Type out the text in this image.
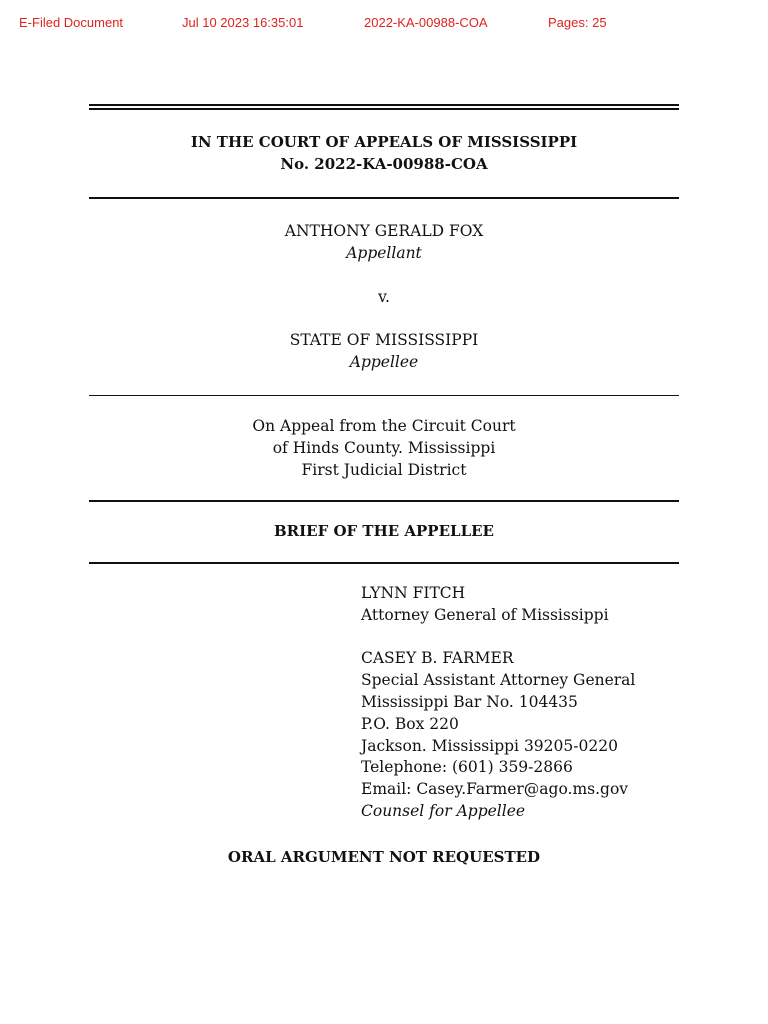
E-Filed Document	Jul 10 2023 16:35:01	2022-KA-00988-COA	Pages: 25
IN THE COURT OF APPEALS OF MISSISSIPPI
No. 2022-KA-00988-COA
ANTHONY GERALD FOX
Appellant
v.
STATE OF MISSISSIPPI
Appellee
On Appeal from the Circuit Court
of Hinds County. Mississippi
First Judicial District
BRIEF OF THE APPELLEE
LYNN FITCH
Attorney General of Mississippi
CASEY B. FARMER
Special Assistant Attorney General
Mississippi Bar No. 104435
P.O. Box 220
Jackson. Mississippi 39205-0220
Telephone: (601) 359-2866
Email: Casey.Farmer@ago.ms.gov
Counsel for Appellee
ORAL ARGUMENT NOT REQUESTED
